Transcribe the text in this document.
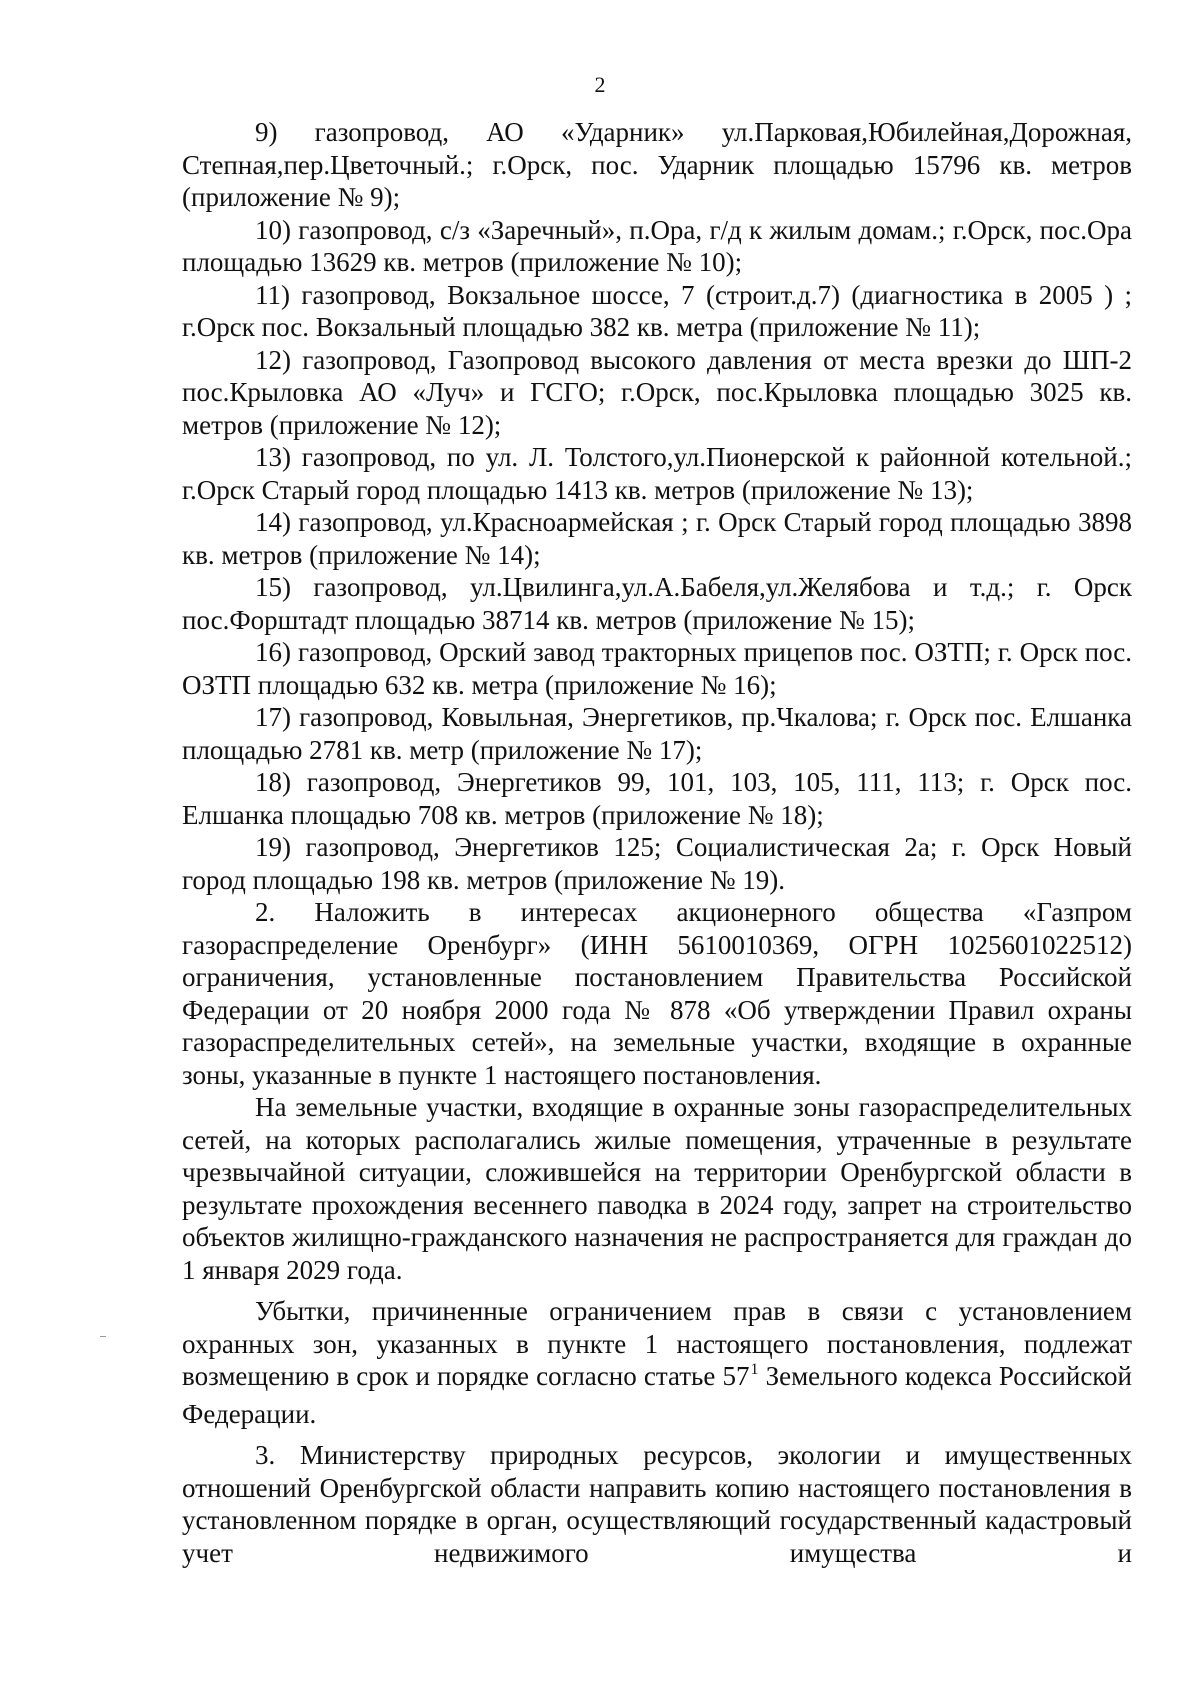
2

9) газопровод, АО «Ударник» ул.Парковая,Юбилейная,Дорожная, Степная,пер.Цветочный.; г.Орск, пос. Ударник площадью 15796 кв. метров (приложение № 9);

10) газопровод, с/з «Заречный», п.Ора, г/д к жилым домам.; г.Орск, пос.Ора площадью 13629 кв. метров (приложение № 10);

11) газопровод, Вокзальное шоссе, 7 (строит.д.7) (диагностика в 2005 ) ; г.Орск пос. Вокзальный площадью 382 кв. метра (приложение № 11);

12) газопровод, Газопровод высокого давления от места врезки до ШП-2 пос.Крыловка АО «Луч» и ГСГО; г.Орск, пос.Крыловка площадью 3025 кв. метров (приложение № 12);

13) газопровод, по ул. Л. Толстого,ул.Пионерской к районной котельной.; г.Орск Старый город площадью 1413 кв. метров (приложение № 13);

14) газопровод, ул.Красноармейская ; г. Орск Старый город площадью 3898 кв. метров (приложение № 14);

15) газопровод, ул.Цвилинга,ул.А.Бабеля,ул.Желябова и т.д.; г. Орск пос.Форштадт площадью 38714 кв. метров (приложение № 15);

16) газопровод, Орский завод тракторных прицепов пос. ОЗТП; г. Орск пос. ОЗТП площадью 632 кв. метра (приложение № 16);

17) газопровод, Ковыльная, Энергетиков, пр.Чкалова; г. Орск пос. Елшанка площадью 2781 кв. метр (приложение № 17);

18) газопровод, Энергетиков 99, 101, 103, 105, 111, 113; г. Орск пос. Елшанка площадью 708 кв. метров (приложение № 18);

19) газопровод, Энергетиков 125; Социалистическая 2а; г. Орск Новый город площадью 198 кв. метров (приложение № 19).

2. Наложить в интересах акционерного общества «Газпром газораспределение Оренбург» (ИНН 5610010369, ОГРН 1025601022512) ограничения, установленные постановлением Правительства Российской Федерации от 20 ноября 2000 года № 878 «Об утверждении Правил охраны газораспределительных сетей», на земельные участки, входящие в охранные зоны, указанные в пункте 1 настоящего постановления.

На земельные участки, входящие в охранные зоны газораспределительных сетей, на которых располагались жилые помещения, утраченные в результате чрезвычайной ситуации, сложившейся на территории Оренбургской области в результате прохождения весеннего паводка в 2024 году, запрет на строительство объектов жилищно-гражданского назначения не распространяется для граждан до 1 января 2029 года.

Убытки, причиненные ограничением прав в связи с установлением охранных зон, указанных в пункте 1 настоящего постановления, подлежат возмещению в срок и порядке согласно статье $57^1$ Земельного кодекса Российской Федерации.

3. Министерству природных ресурсов, экологии и имущественных отношений Оренбургской области направить копию настоящего постановления в установленном порядке в орган, осуществляющий государственный кадастровый учет недвижимого имущества и
